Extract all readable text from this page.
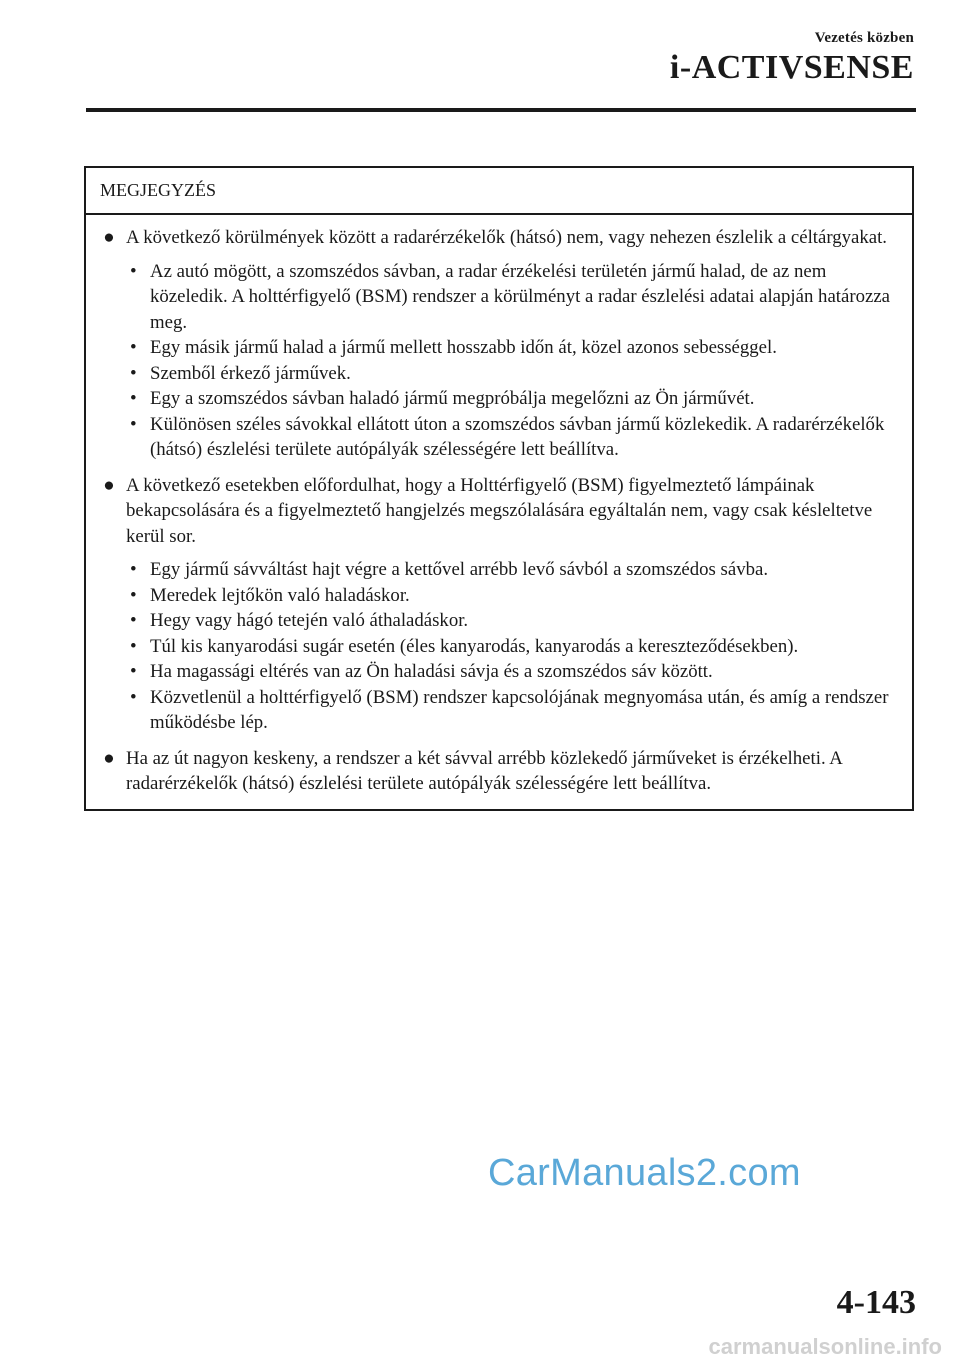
Vezetés közben
i-ACTIVSENSE
MEGJEGYZÉS
● A következő körülmények között a radarérzékelők (hátsó) nem, vagy nehezen észlelik a céltárgyakat.
• Az autó mögött, a szomszédos sávban, a radar érzékelési területén jármű halad, de az nem közeledik. A holttérfigyelő (BSM) rendszer a körülményt a radar észlelési adatai alapján határozza meg.
• Egy másik jármű halad a jármű mellett hosszabb időn át, közel azonos sebességgel.
• Szemből érkező járművek.
• Egy a szomszédos sávban haladó jármű megpróbálja megelőzni az Ön járművét.
• Különösen széles sávokkal ellátott úton a szomszédos sávban jármű közlekedik. A radarérzékelők (hátsó) észlelési területe autópályák szélességére lett beállítva.
● A következő esetekben előfordulhat, hogy a Holttérfigyelő (BSM) figyelmeztető lámpáinak bekapcsolására és a figyelmeztető hangjelzés megszólalására egyáltalán nem, vagy csak késleltetve kerül sor.
• Egy jármű sávváltást hajt végre a kettővel arrébb levő sávból a szomszédos sávba.
• Meredek lejtőkön való haladáskor.
• Hegy vagy hágó tetején való áthaladáskor.
• Túl kis kanyarodási sugár esetén (éles kanyarodás, kanyarodás a kereszteződésekben).
• Ha magassági eltérés van az Ön haladási sávja és a szomszédos sáv között.
• Közvetlenül a holttérfigyelő (BSM) rendszer kapcsolójának megnyomása után, és amíg a rendszer működésbe lép.
● Ha az út nagyon keskeny, a rendszer a két sávval arrébb közlekedő járműveket is érzékelheti. A radarérzékelők (hátsó) észlelési területe autópályák szélességére lett beállítva.
CarManuals2.com
4-143
carmanualsonline.info
